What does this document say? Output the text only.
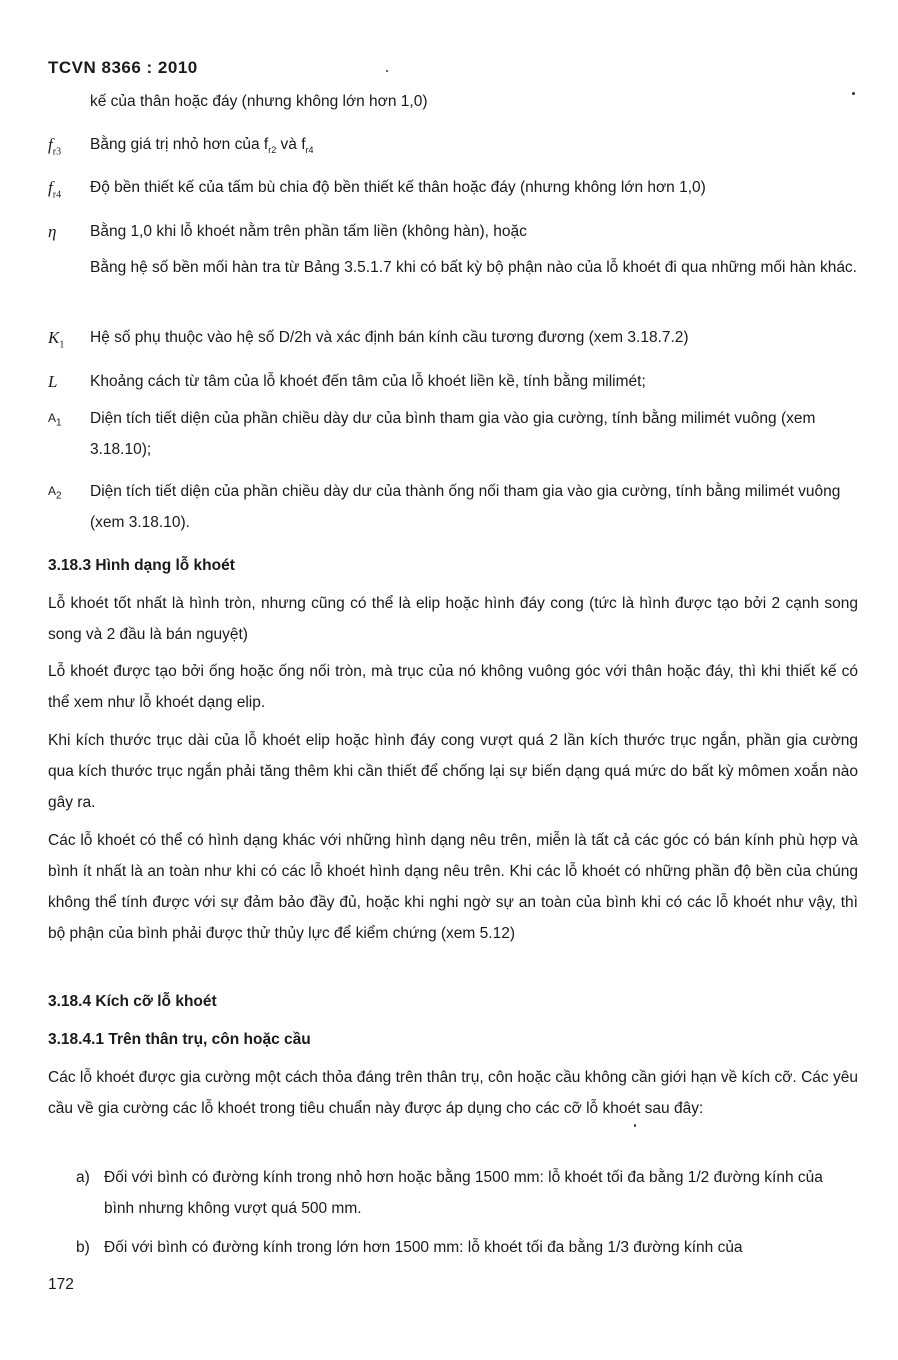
TCVN 8366 : 2010
kế của thân hoặc đáy (nhưng không lớn hơn 1,0)
$f_{r3}$	Bằng giá trị nhỏ hơn của $f_{r2}$ và $f_{r4}$
$f_{r4}$	Độ bền thiết kế của tấm bù chia độ bền thiết kế thân hoặc đáy (nhưng không lớn hơn 1,0)
η	Bằng 1,0 khi lỗ khoét nằm trên phần tấm liền (không hàn), hoặc
Bằng hệ số bền mối hàn tra từ Bảng 3.5.1.7 khi có bất kỳ bộ phận nào của lỗ khoét đi qua những mối hàn khác.
$K_1$	Hệ số phụ thuộc vào hệ số D/2h và xác định bán kính cầu tương đương (xem 3.18.7.2)
L	Khoảng cách từ tâm của lỗ khoét đến tâm của lỗ khoét liền kề, tính bằng milimét;
$A_1$	Diện tích tiết diện của phần chiều dày dư của bình tham gia vào gia cường, tính bằng milimét vuông (xem 3.18.10);
$A_2$	Diện tích tiết diện của phần chiều dày dư của thành ống nối tham gia vào gia cường, tính bằng milimét vuông (xem 3.18.10).
3.18.3 Hình dạng lỗ khoét
Lỗ khoét tốt nhất là hình tròn, nhưng cũng có thể là elip hoặc hình đáy cong (tức là hình được tạo bởi 2 cạnh song song và 2 đầu là bán nguyệt)
Lỗ khoét được tạo bởi ống hoặc ống nối tròn, mà trục của nó không vuông góc với thân hoặc đáy, thì khi thiết kế có thể xem như lỗ khoét dạng elip.
Khi kích thước trục dài của lỗ khoét elip hoặc hình đáy cong vượt quá 2 lần kích thước trục ngắn, phần gia cường qua kích thước trục ngắn phải tăng thêm khi cần thiết để chống lại sự biến dạng quá mức do bất kỳ mômen xoắn nào gây ra.
Các lỗ khoét có thể có hình dạng khác với những hình dạng nêu trên, miễn là tất cả các góc có bán kính phù hợp và bình ít nhất là an toàn như khi có các lỗ khoét hình dạng nêu trên. Khi các lỗ khoét có những phần độ bền của chúng không thể tính được với sự đảm bảo đầy đủ, hoặc khi nghi ngờ sự an toàn của bình khi có các lỗ khoét như vậy, thì bộ phận của bình phải được thử thủy lực để kiểm chứng (xem 5.12)
3.18.4 Kích cỡ lỗ khoét
3.18.4.1 Trên thân trụ, côn hoặc cầu
Các lỗ khoét được gia cường một cách thỏa đáng trên thân trụ, côn hoặc cầu không cần giới hạn về kích cỡ. Các yêu cầu về gia cường các lỗ khoét trong tiêu chuẩn này được áp dụng cho các cỡ lỗ khoét sau đây:
a) Đối với bình có đường kính trong nhỏ hơn hoặc bằng 1500 mm: lỗ khoét tối đa bằng 1/2 đường kính của bình nhưng không vượt quá 500 mm.
b) Đối với bình có đường kính trong lớn hơn 1500 mm: lỗ khoét tối đa bằng 1/3 đường kính của
172
